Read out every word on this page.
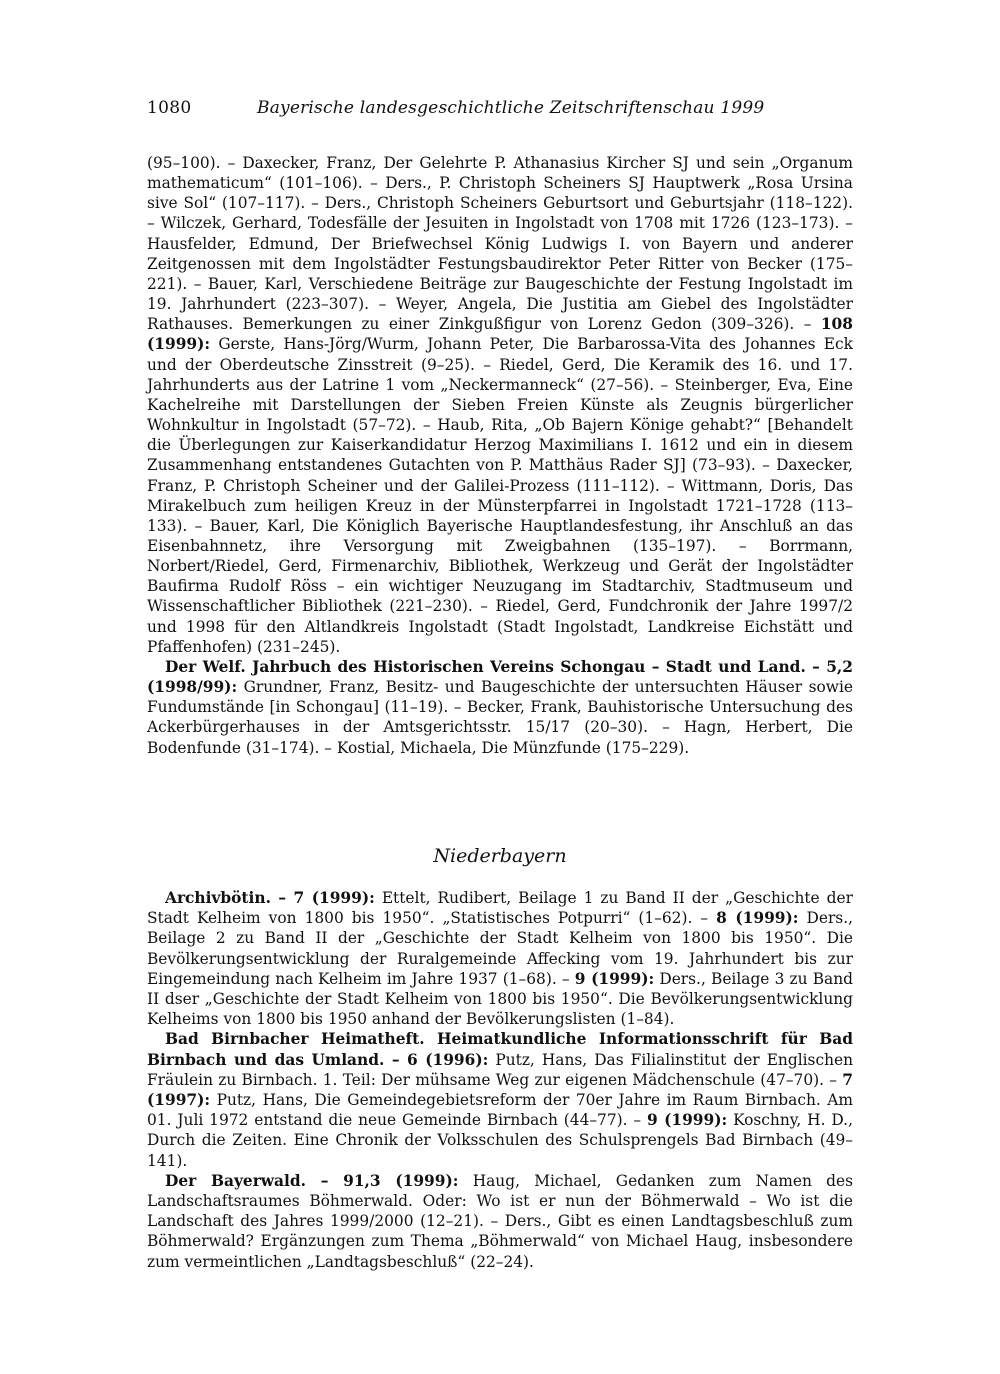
1080	Bayerische landesgeschichtliche Zeitschriftenschau 1999

(95–100). – Daxecker, Franz, Der Gelehrte P. Athanasius Kircher SJ und sein „Organum mathematicum“ (101–106). – Ders., P. Christoph Scheiners SJ Hauptwerk „Rosa Ursina sive Sol“ (107–117). – Ders., Christoph Scheiners Geburtsort und Geburtsjahr (118–122). – Wilczek, Gerhard, Todesfälle der Jesuiten in Ingolstadt von 1708 mit 1726 (123–173). – Hausfelder, Edmund, Der Briefwechsel König Ludwigs I. von Bayern und anderer Zeitgenossen mit dem Ingolstädter Festungsbaudirektor Peter Ritter von Becker (175–221). – Bauer, Karl, Verschiedene Beiträge zur Baugeschichte der Festung Ingolstadt im 19. Jahrhundert (223–307). – Weyer, Angela, Die Justitia am Giebel des Ingolstädter Rathauses. Bemerkungen zu einer Zinkgußfigur von Lorenz Gedon (309–326). – 108 (1999): Gerste, Hans-Jörg/Wurm, Johann Peter, Die Barbarossa-Vita des Johannes Eck und der Oberdeutsche Zinsstreit (9–25). – Riedel, Gerd, Die Keramik des 16. und 17. Jahrhunderts aus der Latrine 1 vom „Neckermanneck“ (27–56). – Steinberger, Eva, Eine Kachelreihe mit Darstellungen der Sieben Freien Künste als Zeugnis bürgerlicher Wohnkultur in Ingolstadt (57–72). – Haub, Rita, „Ob Bajern Könige gehabt?“ [Behandelt die Überlegungen zur Kaiserkandidatur Herzog Maximilians I. 1612 und ein in diesem Zusammenhang entstandenes Gutachten von P. Matthäus Rader SJ] (73–93). – Daxecker, Franz, P. Christoph Scheiner und der Galilei-Prozess (111–112). – Wittmann, Doris, Das Mirakelbuch zum heiligen Kreuz in der Münsterpfarrei in Ingolstadt 1721–1728 (113–133). – Bauer, Karl, Die Königlich Bayerische Hauptlandesfestung, ihr Anschluß an das Eisenbahnnetz, ihre Versorgung mit Zweigbahnen (135–197). – Borrmann, Norbert/Riedel, Gerd, Firmenarchiv, Bibliothek, Werkzeug und Gerät der Ingolstädter Baufirma Rudolf Röss – ein wichtiger Neuzugang im Stadtarchiv, Stadtmuseum und Wissenschaftlicher Bibliothek (221–230). – Riedel, Gerd, Fundchronik der Jahre 1997/2 und 1998 für den Altlandkreis Ingolstadt (Stadt Ingolstadt, Landkreise Eichstätt und Pfaffenhofen) (231–245).

Der Welf. Jahrbuch des Historischen Vereins Schongau – Stadt und Land. – 5,2 (1998/99): Grundner, Franz, Besitz- und Baugeschichte der untersuchten Häuser sowie Fundumstände [in Schongau] (11–19). – Becker, Frank, Bauhistorische Untersuchung des Ackerbürgerhauses in der Amtsgerichtsstr. 15/17 (20–30). – Hagn, Herbert, Die Bodenfunde (31–174). – Kostial, Michaela, Die Münzfunde (175–229).

Niederbayern

Archivbötin. – 7 (1999): Ettelt, Rudibert, Beilage 1 zu Band II der „Geschichte der Stadt Kelheim von 1800 bis 1950“. „Statistisches Potpurri“ (1–62). – 8 (1999): Ders., Beilage 2 zu Band II der „Geschichte der Stadt Kelheim von 1800 bis 1950“. Die Bevölkerungsentwicklung der Ruralgemeinde Affecking vom 19. Jahrhundert bis zur Eingemeindung nach Kelheim im Jahre 1937 (1–68). – 9 (1999): Ders., Beilage 3 zu Band II dser „Geschichte der Stadt Kelheim von 1800 bis 1950“. Die Bevölkerungsentwicklung Kelheims von 1800 bis 1950 anhand der Bevölkerungslisten (1–84).

Bad Birnbacher Heimatheft. Heimatkundliche Informationsschrift für Bad Birnbach und das Umland. – 6 (1996): Putz, Hans, Das Filialinstitut der Englischen Fräulein zu Birnbach. 1. Teil: Der mühsame Weg zur eigenen Mädchenschule (47–70). – 7 (1997): Putz, Hans, Die Gemeindegebietsreform der 70er Jahre im Raum Birnbach. Am 01. Juli 1972 entstand die neue Gemeinde Birnbach (44–77). – 9 (1999): Koschny, H. D., Durch die Zeiten. Eine Chronik der Volksschulen des Schulsprengels Bad Birnbach (49–141).

Der Bayerwald. – 91,3 (1999): Haug, Michael, Gedanken zum Namen des Landschaftsraumes Böhmerwald. Oder: Wo ist er nun der Böhmerwald – Wo ist die Landschaft des Jahres 1999/2000 (12–21). – Ders., Gibt es einen Landtagsbeschluß zum Böhmerwald? Ergänzungen zum Thema „Böhmerwald“ von Michael Haug, insbesondere zum vermeintlichen „Landtagsbeschluß“ (22–24).
